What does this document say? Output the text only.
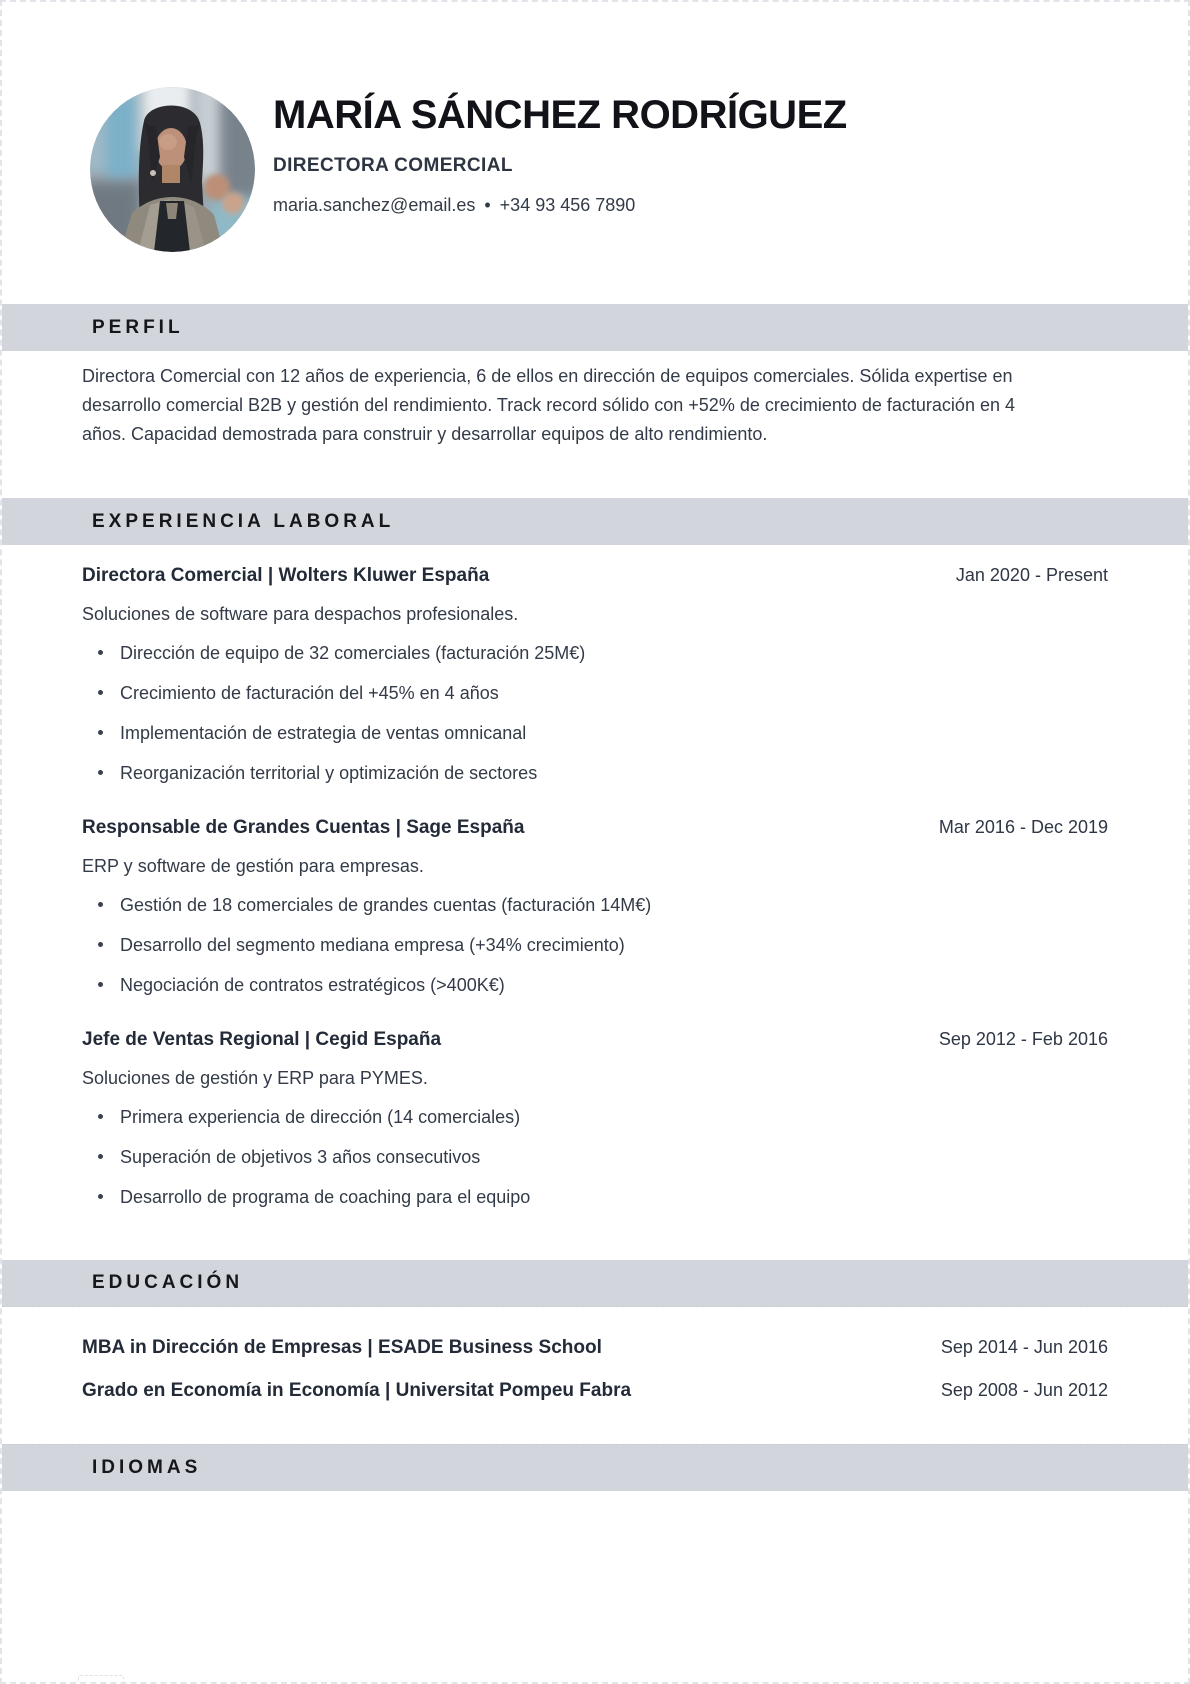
MARÍA SÁNCHEZ RODRÍGUEZ
DIRECTORA COMERCIAL
maria.sanchez@email.es • +34 93 456 7890
PERFIL

Directora Comercial con 12 años de experiencia, 6 de ellos en dirección de equipos comerciales. Sólida expertise en desarrollo comercial B2B y gestión del rendimiento. Track record sólido con +52% de crecimiento de facturación en 4 años. Capacidad demostrada para construir y desarrollar equipos de alto rendimiento.

EXPERIENCIA LABORAL
Directora Comercial | Wolters Kluwer España	Jan 2020 - Present
Soluciones de software para despachos profesionales.
Dirección de equipo de 32 comerciales (facturación 25M€)
Crecimiento de facturación del +45% en 4 años
Implementación de estrategia de ventas omnicanal
Reorganización territorial y optimización de sectores
Responsable de Grandes Cuentas | Sage España	Mar 2016 - Dec 2019
ERP y software de gestión para empresas.
Gestión de 18 comerciales de grandes cuentas (facturación 14M€)
Desarrollo del segmento mediana empresa (+34% crecimiento)
Negociación de contratos estratégicos (>400K€)
Jefe de Ventas Regional | Cegid España	Sep 2012 - Feb 2016
Soluciones de gestión y ERP para PYMES.
Primera experiencia de dirección (14 comerciales)
Superación de objetivos 3 años consecutivos
Desarrollo de programa de coaching para el equipo
EDUCACIÓN
MBA in Dirección de Empresas | ESADE Business School	Sep 2014 - Jun 2016
Grado en Economía in Economía | Universitat Pompeu Fabra	Sep 2008 - Jun 2012
IDIOMAS
